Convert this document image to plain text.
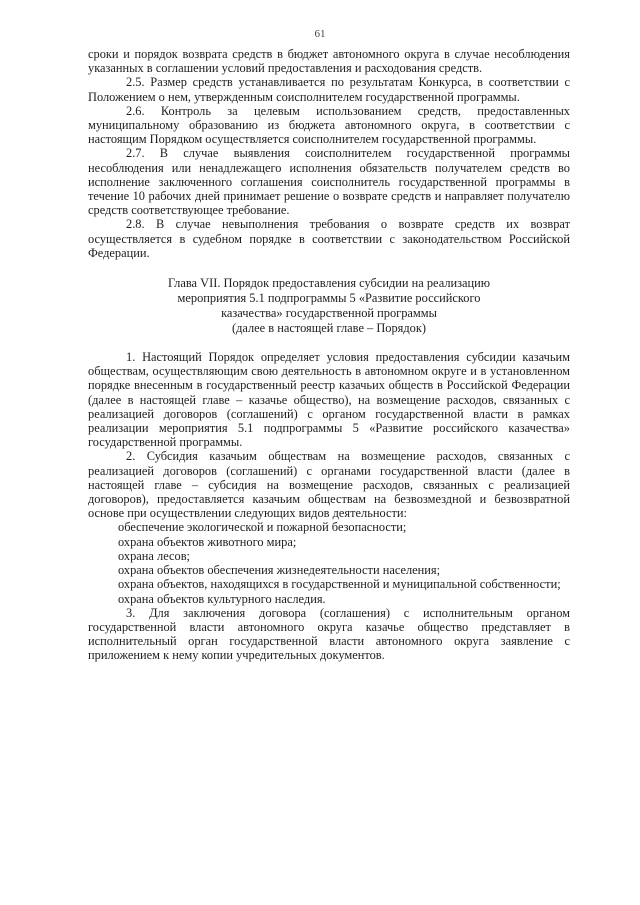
61

сроки и порядок возврата средств в бюджет автономного округа в случае несоблюдения указанных в соглашении условий предоставления и расходования средств.

2.5. Размер средств устанавливается по результатам Конкурса, в соответствии с Положением о нем, утвержденным соисполнителем государственной программы.

2.6. Контроль за целевым использованием средств, предоставленных муниципальному образованию из бюджета автономного округа, в соответствии с настоящим Порядком осуществляется соисполнителем государственной программы.

2.7. В случае выявления соисполнителем государственной программы несоблюдения или ненадлежащего исполнения обязательств получателем средств во исполнение заключенного соглашения соисполнитель государственной программы в течение 10 рабочих дней принимает решение о возврате средств и направляет получателю средств соответствующее требование.

2.8. В случае невыполнения требования о возврате средств их возврат осуществляется в судебном порядке в соответствии с законодательством Российской Федерации.

Глава VII. Порядок предоставления субсидии на реализацию
мероприятия 5.1 подпрограммы 5 «Развитие российского
казачества» государственной программы
(далее в настоящей главе – Порядок)

1. Настоящий Порядок определяет условия предоставления субсидии казачьим обществам, осуществляющим свою деятельность в автономном округе и в установленном порядке внесенным в государственный реестр казачьих обществ в Российской Федерации (далее в настоящей главе – казачье общество), на возмещение расходов, связанных с реализацией договоров (соглашений) с органом государственной власти в рамках реализации мероприятия 5.1 подпрограммы 5 «Развитие российского казачества» государственной программы.

2. Субсидия казачьим обществам на возмещение расходов, связанных с реализацией договоров (соглашений) с органами государственной власти (далее в настоящей главе – субсидия на возмещение расходов, связанных с реализацией договоров), предоставляется казачьим обществам на безвозмездной и безвозвратной основе при осуществлении следующих видов деятельности:

обеспечение экологической и пожарной безопасности;

охрана объектов животного мира;

охрана лесов;

охрана объектов обеспечения жизнедеятельности населения;

охрана объектов, находящихся в государственной и муниципальной собственности;

охрана объектов культурного наследия.

3. Для заключения договора (соглашения) с исполнительным органом государственной власти автономного округа казачье общество представляет в исполнительный орган государственной власти автономного округа заявление с приложением к нему копии учредительных документов.
